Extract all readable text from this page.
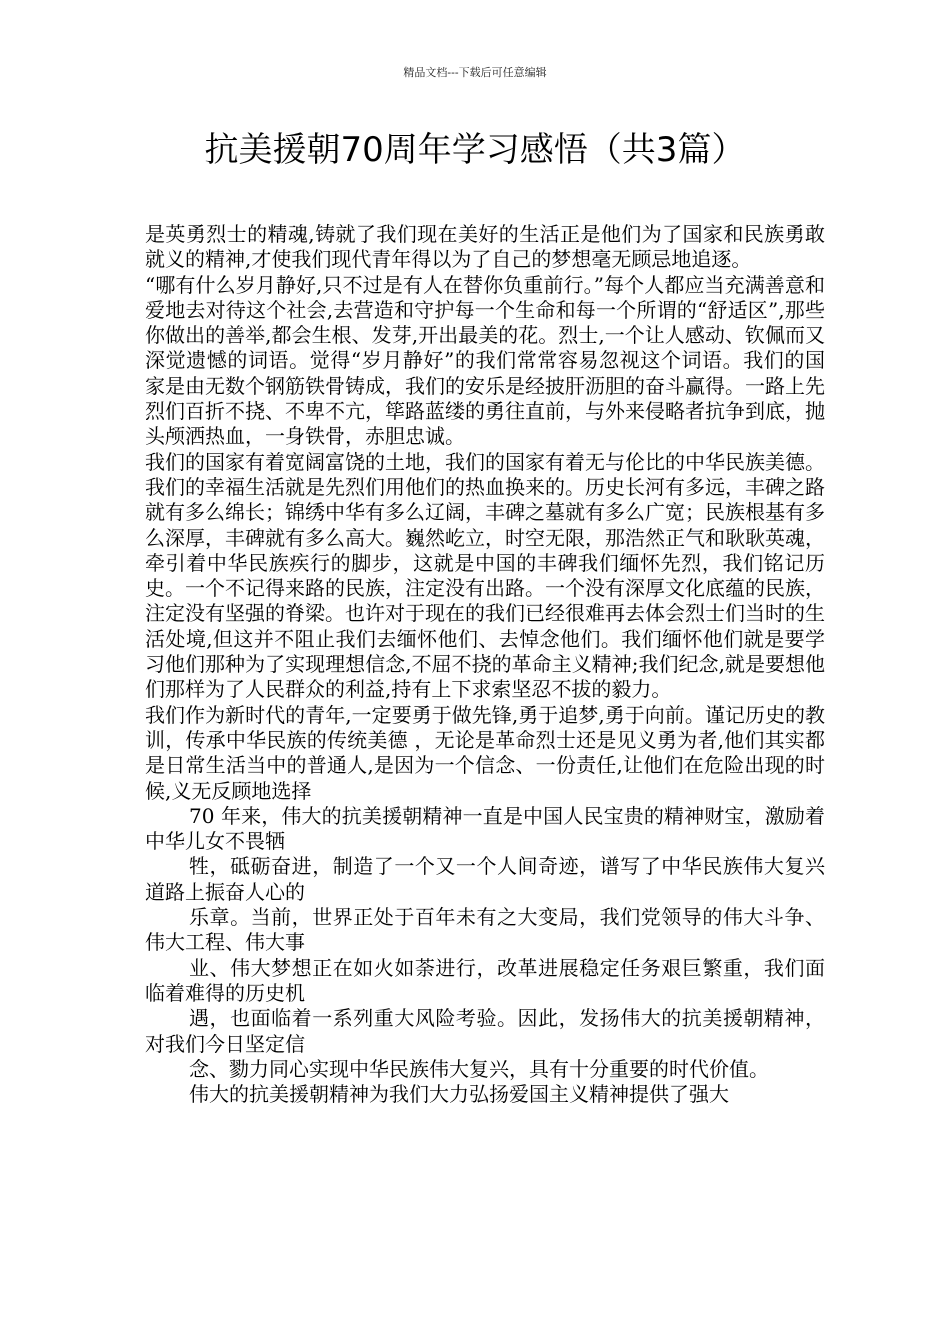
精品文档---下载后可任意编辑
抗美援朝70周年学习感悟（共3篇）

是英勇烈士的精魂,铸就了我们现在美好的生活正是他们为了国家和民族勇敢就义的精神,才使我们现代青年得以为了自己的梦想毫无顾忌地追逐。

“哪有什么岁月静好,只不过是有人在替你负重前行。”每个人都应当充满善意和爱地去对待这个社会,去营造和守护每一个生命和每一个所谓的“舒适区”,那些你做出的善举,都会生根、发芽,开出最美的花。烈士,一个让人感动、钦佩而又深觉遗憾的词语。觉得“岁月静好”的我们常常容易忽视这个词语。我们的国家是由无数个钢筋铁骨铸成，我们的安乐是经披肝沥胆的奋斗赢得。一路上先烈们百折不挠、不卑不亢，筚路蓝缕的勇往直前，与外来侵略者抗争到底，抛头颅洒热血，一身铁骨，赤胆忠诚。

我们的国家有着宽阔富饶的土地，我们的国家有着无与伦比的中华民族美德。我们的幸福生活就是先烈们用他们的热血换来的。历史长河有多远，丰碑之路就有多么绵长；锦绣中华有多么辽阔，丰碑之墓就有多么广宽；民族根基有多么深厚，丰碑就有多么高大。巍然屹立，时空无限，那浩然正气和耿耿英魂，牵引着中华民族疾行的脚步，这就是中国的丰碑我们缅怀先烈，我们铭记历史。一个不记得来路的民族，注定没有出路。一个没有深厚文化底蕴的民族，注定没有坚强的脊梁。也许对于现在的我们已经很难再去体会烈士们当时的生活处境,但这并不阻止我们去缅怀他们、去悼念他们。我们缅怀他们就是要学习他们那种为了实现理想信念,不屈不挠的革命主义精神;我们纪念,就是要想他们那样为了人民群众的利益,持有上下求索坚忍不拔的毅力。

我们作为新时代的青年,一定要勇于做先锋,勇于追梦,勇于向前。谨记历史的教训，传承中华民族的传统美德 ，无论是革命烈士还是见义勇为者,他们其实都是日常生活当中的普通人,是因为一个信念、一份责任,让他们在危险出现的时候,义无反顾地选择

70 年来，伟大的抗美援朝精神一直是中国人民宝贵的精神财宝，激励着中华儿女不畏牺

牲，砥砺奋进，制造了一个又一个人间奇迹，谱写了中华民族伟大复兴道路上振奋人心的

乐章。当前，世界正处于百年未有之大变局，我们党领导的伟大斗争、伟大工程、伟大事

业、伟大梦想正在如火如荼进行，改革进展稳定任务艰巨繁重，我们面临着难得的历史机

遇，也面临着一系列重大风险考验。因此，发扬伟大的抗美援朝精神，对我们今日坚定信

念、勠力同心实现中华民族伟大复兴，具有十分重要的时代价值。

伟大的抗美援朝精神为我们大力弘扬爱国主义精神提供了强大
